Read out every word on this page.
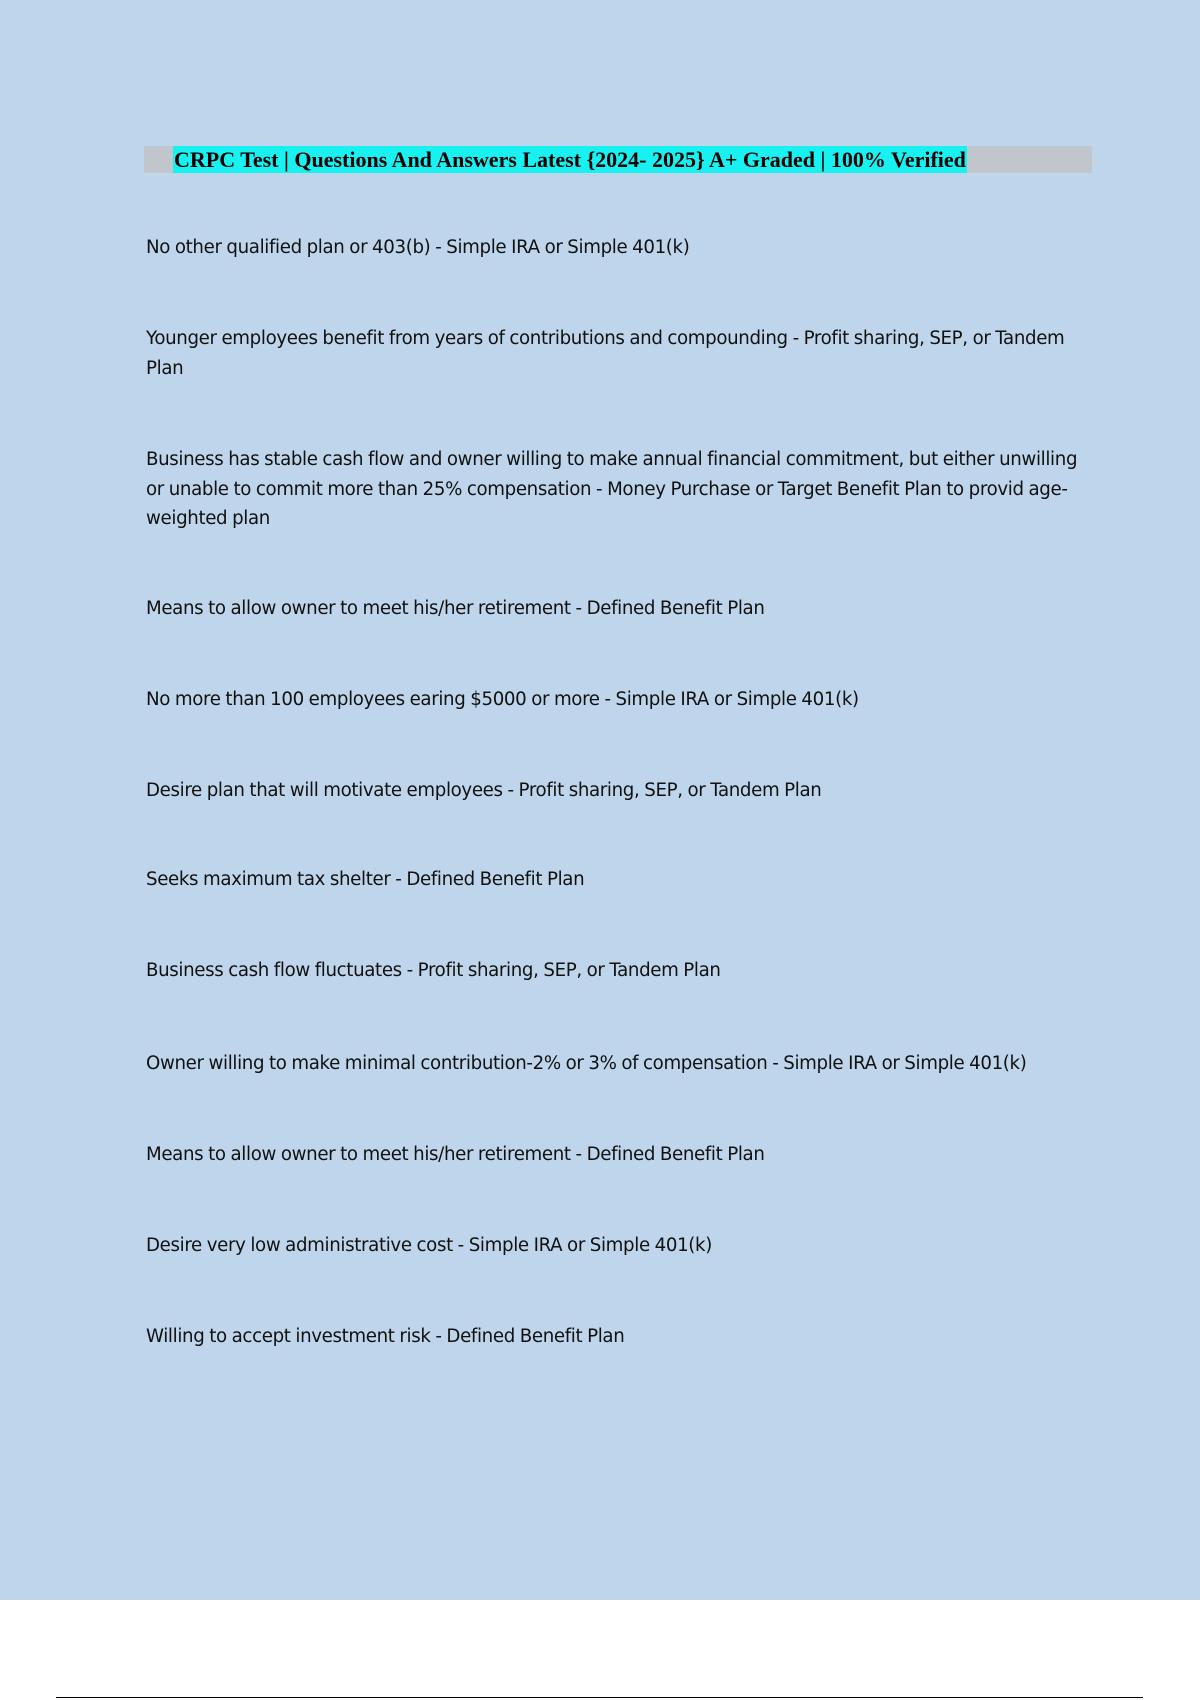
CRPC Test | Questions And Answers Latest {2024- 2025} A+ Graded | 100% Verified

No other qualified plan or 403(b) - Simple IRA or Simple 401(k)

Younger employees benefit from years of contributions and compounding - Profit sharing, SEP, or Tandem Plan

Business has stable cash flow and owner willing to make annual financial commitment, but either unwilling or unable to commit more than 25% compensation - Money Purchase or Target Benefit Plan to provid age-weighted plan

Means to allow owner to meet his/her retirement - Defined Benefit Plan

No more than 100 employees earing $5000 or more - Simple IRA or Simple 401(k)

Desire plan that will motivate employees - Profit sharing, SEP, or Tandem Plan

Seeks maximum tax shelter - Defined Benefit Plan

Business cash flow fluctuates - Profit sharing, SEP, or Tandem Plan

Owner willing to make minimal contribution-2% or 3% of compensation - Simple IRA or Simple 401(k)

Means to allow owner to meet his/her retirement - Defined Benefit Plan

Desire very low administrative cost - Simple IRA or Simple 401(k)

Willing to accept investment risk - Defined Benefit Plan
